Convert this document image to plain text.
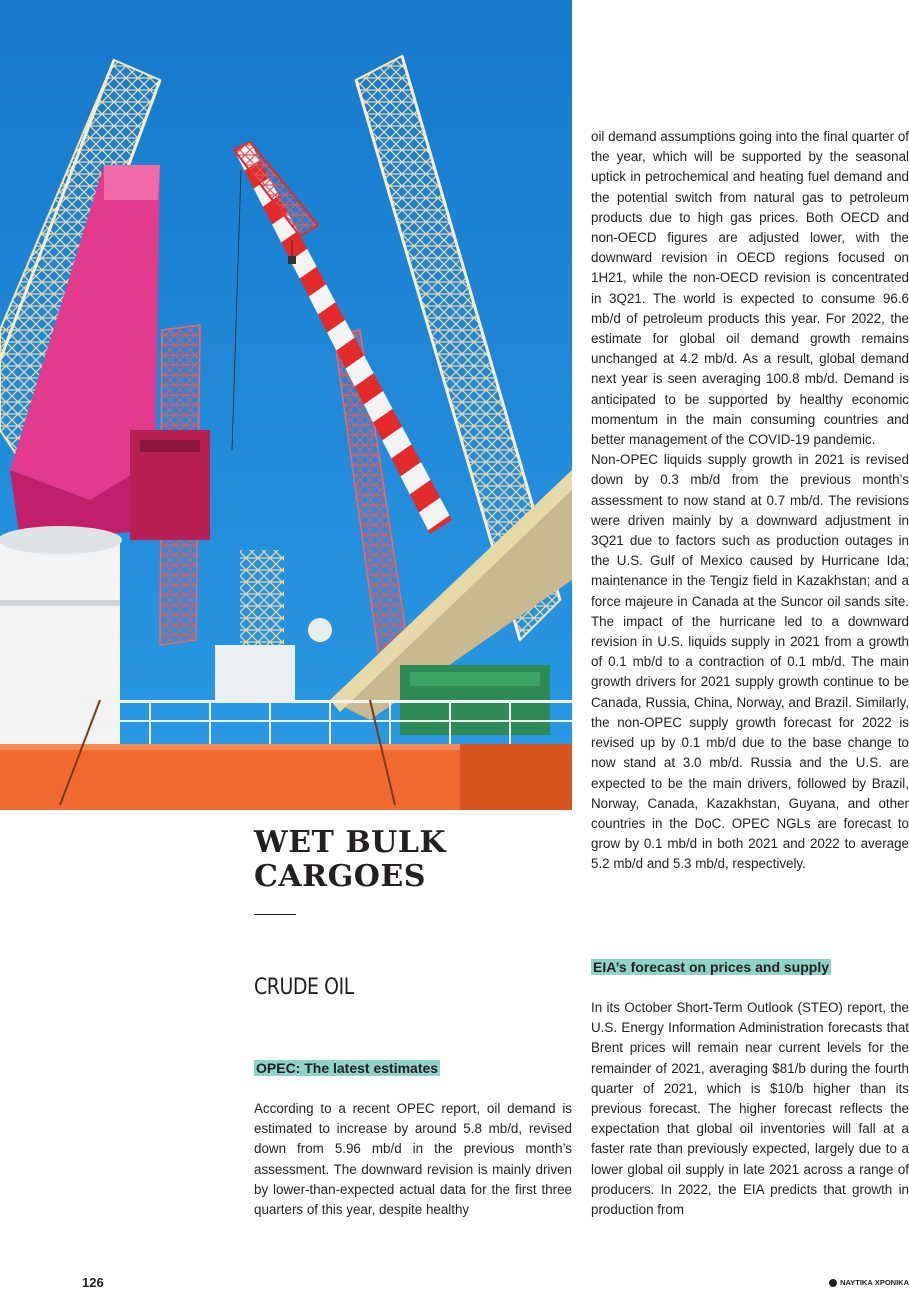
WET BULK CARGOES
CRUDE OIL
OPEC: The latest estimates

According to a recent OPEC report, oil demand is estimated to increase by around 5.8 mb/d, revised down from 5.96 mb/d in the previous month’s assessment. The downward revision is mainly driven by lower-than-expected actual data for the first three quarters of this year, despite healthy

oil demand assumptions going into the final quarter of the year, which will be supported by the seasonal uptick in petrochemical and heating fuel demand and the potential switch from natural gas to petroleum products due to high gas prices. Both OECD and non-OECD figures are adjusted lower, with the downward revision in OECD regions focused on 1H21, while the non-OECD revision is concentrated in 3Q21. The world is expected to consume 96.6 mb/d of petroleum products this year. For 2022, the estimate for global oil demand growth remains unchanged at 4.2 mb/d. As a result, global demand next year is seen averaging 100.8 mb/d. Demand is anticipated to be supported by healthy economic momentum in the main consuming countries and better management of the COVID-19 pandemic.

Non-OPEC liquids supply growth in 2021 is revised down by 0.3 mb/d from the previous month’s assessment to now stand at 0.7 mb/d. The revisions were driven mainly by a downward adjustment in 3Q21 due to factors such as production outages in the U.S. Gulf of Mexico caused by Hurricane Ida; maintenance in the Tengiz field in Kazakhstan; and a force majeure in Canada at the Suncor oil sands site. The impact of the hurricane led to a downward revision in U.S. liquids supply in 2021 from a growth of 0.1 mb/d to a contraction of 0.1 mb/d. The main growth drivers for 2021 supply growth continue to be Canada, Russia, China, Norway, and Brazil. Similarly, the non-OPEC supply growth forecast for 2022 is revised up by 0.1 mb/d due to the base change to now stand at 3.0 mb/d. Russia and the U.S. are expected to be the main drivers, followed by Brazil, Norway, Canada, Kazakhstan, Guyana, and other countries in the DoC. OPEC NGLs are forecast to grow by 0.1 mb/d in both 2021 and 2022 to average 5.2 mb/d and 5.3 mb/d, respectively.

EIA’s forecast on prices and supply

In its October Short-Term Outlook (STEO) report, the U.S. Energy Information Administration forecasts that Brent prices will remain near current levels for the remainder of 2021, averaging $81/b during the fourth quarter of 2021, which is $10/b higher than its previous forecast. The higher forecast reflects the expectation that global oil inventories will fall at a faster rate than previously expected, largely due to a lower global oil supply in late 2021 across a range of producers. In 2022, the EIA predicts that growth in production from

126	ΝΑΥΤΙΚΑ ΧΡΟΝΙΚΑ
